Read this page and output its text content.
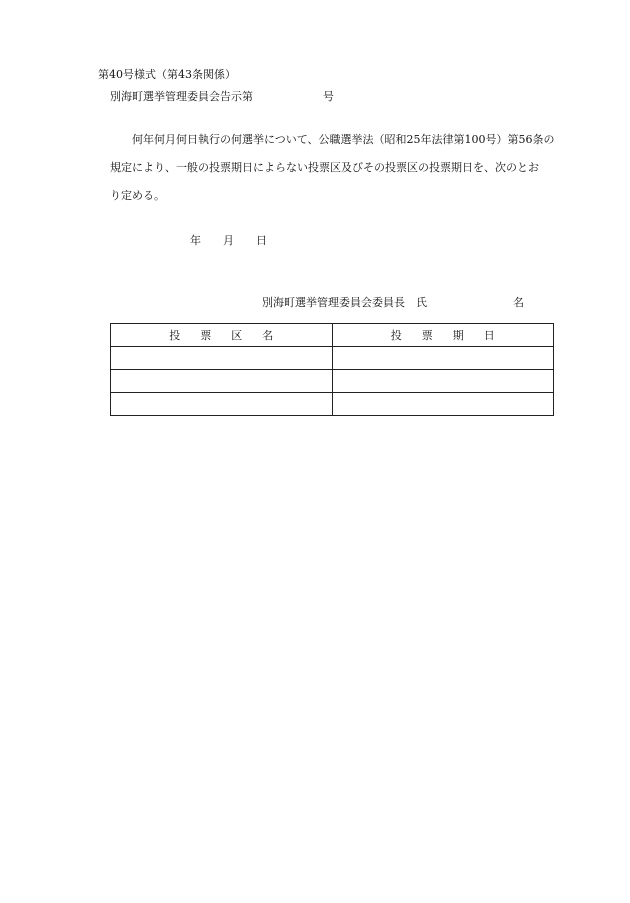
第40号様式（第43条関係）
別海町選挙管理委員会告示第	号

何年何月何日執行の何選挙について、公職選挙法（昭和25年法律第100号）第56条の

規定により、一般の投票期日によらない投票区及びその投票区の投票期日を、次のとお

り定める。

年 月 日
別海町選挙管理委員会委員長　氏	名
投 票 区 名	投 票 期 日
